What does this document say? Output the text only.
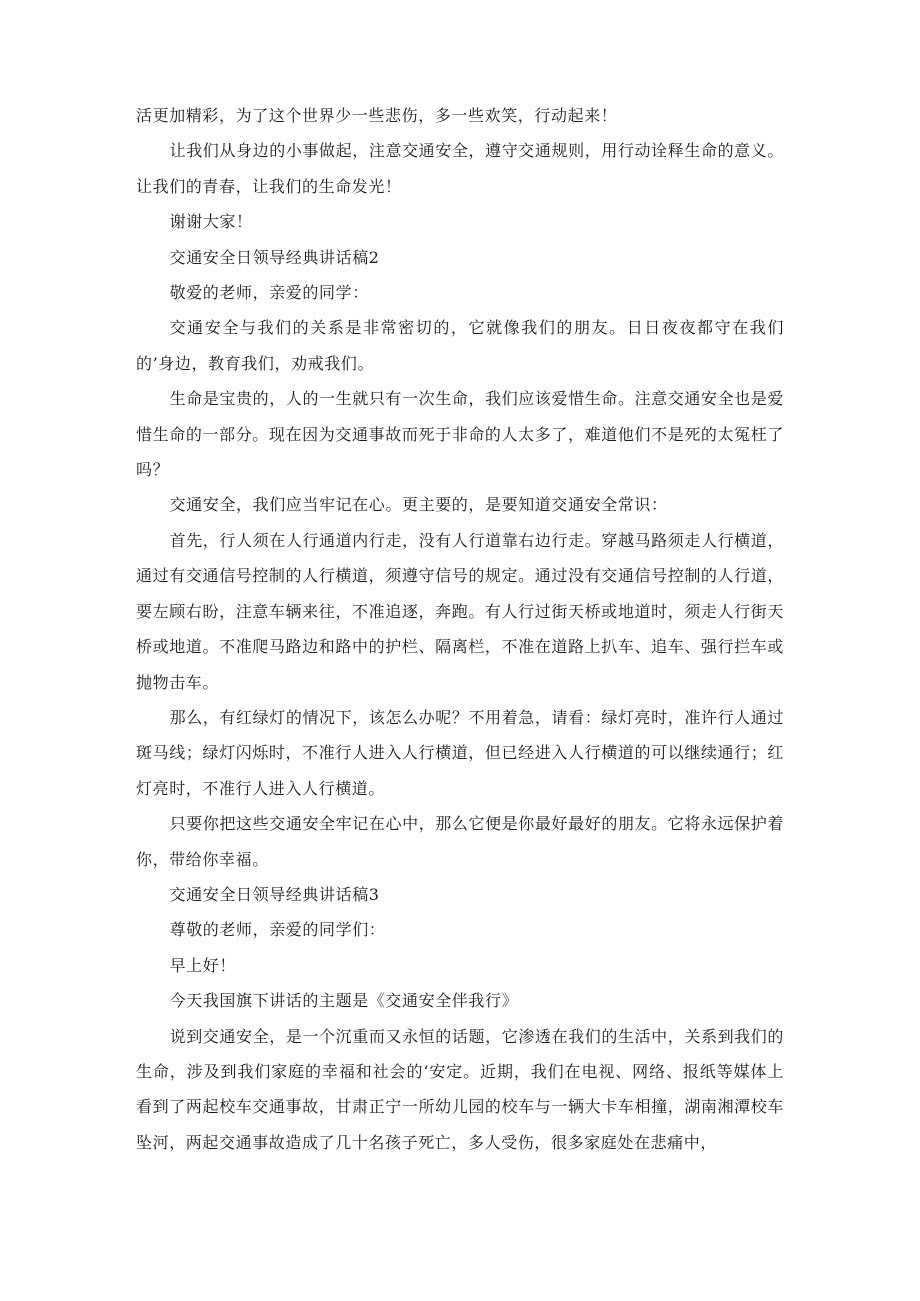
活更加精彩，为了这个世界少一些悲伤，多一些欢笑，行动起来！

让我们从身边的小事做起，注意交通安全，遵守交通规则，用行动诠释生命的意义。让我们的青春，让我们的生命发光！

谢谢大家！

交通安全日领导经典讲话稿2

敬爱的老师，亲爱的同学：

交通安全与我们的关系是非常密切的，它就像我们的朋友。日日夜夜都守在我们的’身边，教育我们，劝戒我们。

生命是宝贵的，人的一生就只有一次生命，我们应该爱惜生命。注意交通安全也是爱惜生命的一部分。现在因为交通事故而死于非命的人太多了，难道他们不是死的太冤枉了吗？

交通安全，我们应当牢记在心。更主要的，是要知道交通安全常识：

首先，行人须在人行通道内行走，没有人行道靠右边行走。穿越马路须走人行横道，通过有交通信号控制的人行横道，须遵守信号的规定。通过没有交通信号控制的人行道，要左顾右盼，注意车辆来往，不准追逐，奔跑。有人行过街天桥或地道时，须走人行街天桥或地道。不准爬马路边和路中的护栏、隔离栏，不准在道路上扒车、追车、强行拦车或抛物击车。

那么，有红绿灯的情况下，该怎么办呢？不用着急，请看：绿灯亮时，准许行人通过斑马线；绿灯闪烁时，不准行人进入人行横道，但已经进入人行横道的可以继续通行；红灯亮时，不准行人进入人行横道。

只要你把这些交通安全牢记在心中，那么它便是你最好最好的朋友。它将永远保护着你，带给你幸福。

交通安全日领导经典讲话稿3

尊敬的老师，亲爱的同学们：

早上好！

今天我国旗下讲话的主题是《交通安全伴我行》

说到交通安全，是一个沉重而又永恒的话题，它渗透在我们的生活中，关系到我们的生命，涉及到我们家庭的幸福和社会的‘安定。近期，我们在电视、网络、报纸等媒体上看到了两起校车交通事故，甘肃正宁一所幼儿园的校车与一辆大卡车相撞，湖南湘潭校车坠河，两起交通事故造成了几十名孩子死亡，多人受伤，很多家庭处在悲痛中，
